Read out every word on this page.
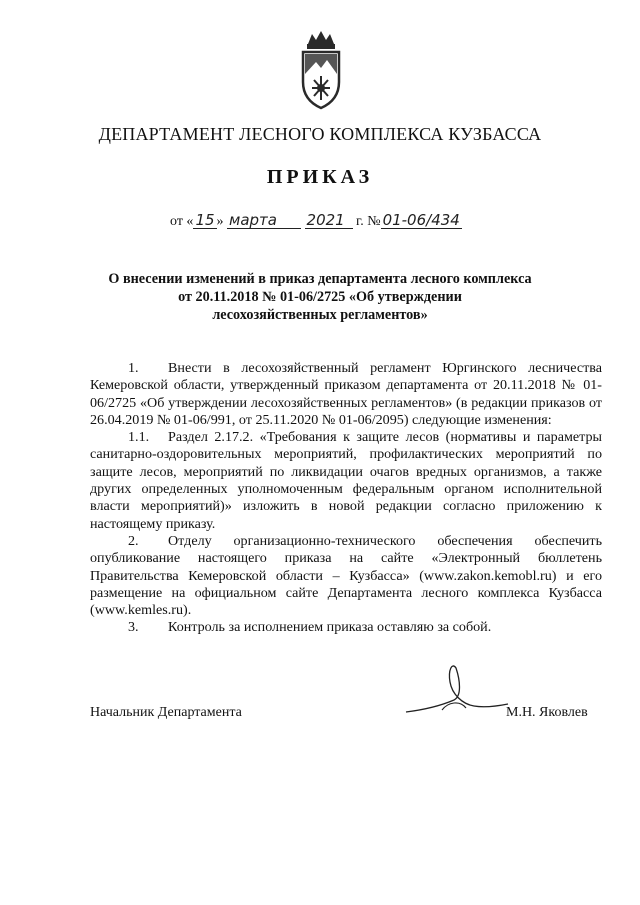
ДЕПАРТАМЕНТ ЛЕСНОГО КОМПЛЕКСА КУЗБАССА
ПРИКАЗ
от « 15 » марта 2021 г. № 01-06/434
О внесении изменений в приказ департамента лесного комплекса
от 20.11.2018 № 01-06/2725 «Об утверждении
лесохозяйственных регламентов»

1. Внести в лесохозяйственный регламент Юргинского лесничества Кемеровской области, утвержденный приказом департамента от 20.11.2018 № 01-06/2725 «Об утверждении лесохозяйственных регламентов» (в редакции приказов от 26.04.2019 № 01-06/991, от 25.11.2020 № 01-06/2095) следующие изменения:

1.1. Раздел 2.17.2. «Требования к защите лесов (нормативы и параметры санитарно-оздоровительных мероприятий, профилактических мероприятий по защите лесов, мероприятий по ликвидации очагов вредных организмов, а также других определенных уполномоченным федеральным органом исполнительной власти мероприятий)» изложить в новой редакции согласно приложению к настоящему приказу.

2. Отделу организационно-технического обеспечения обеспечить опубликование настоящего приказа на сайте «Электронный бюллетень Правительства Кемеровской области – Кузбасса» (www.zakon.kemobl.ru) и его размещение на официальном сайте Департамента лесного комплекса Кузбасса (www.kemles.ru).

3. Контроль за исполнением приказа оставляю за собой.

Начальник Департамента	М.Н. Яковлев
